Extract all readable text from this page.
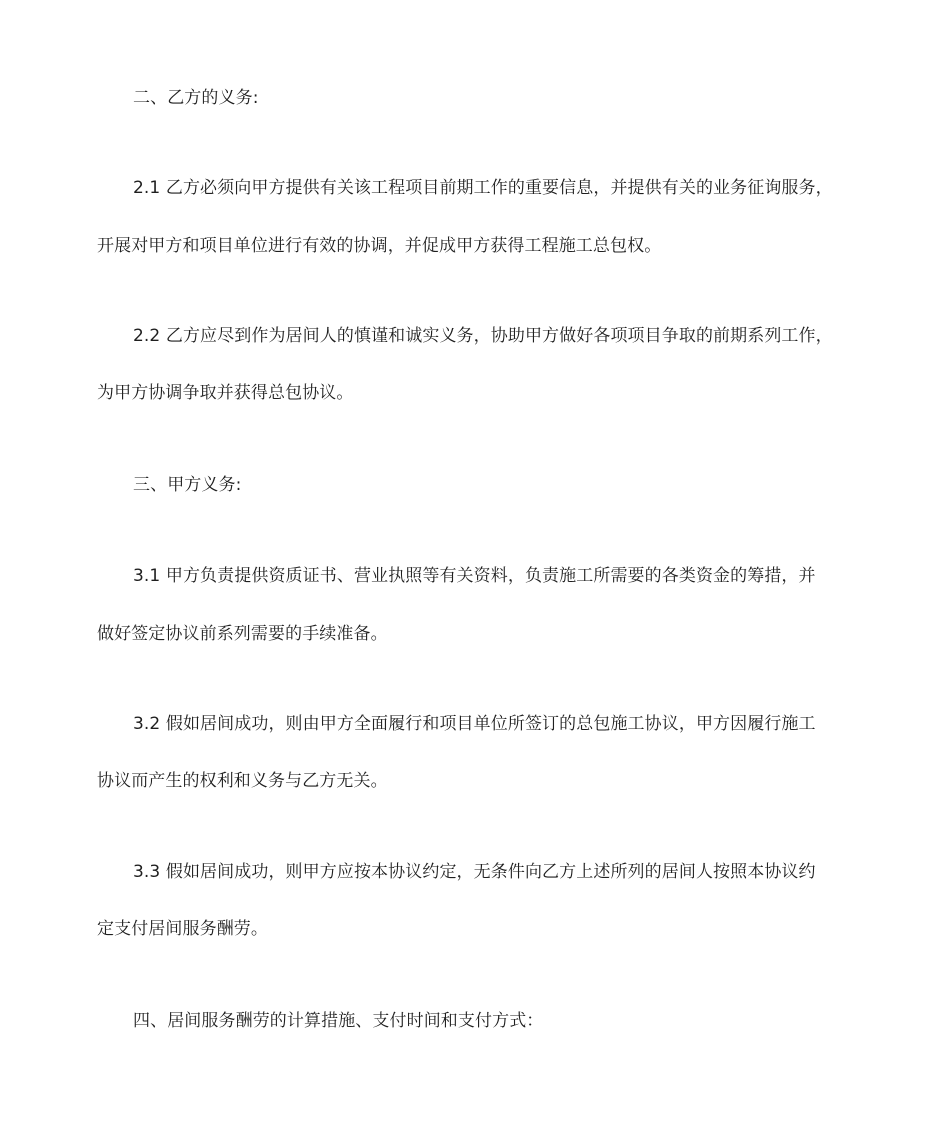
二、乙方的义务:
2.1 乙方必须向甲方提供有关该工程项目前期工作的重要信息，并提供有关的业务征询服务，
开展对甲方和项目单位进行有效的协调，并促成甲方获得工程施工总包权。
2.2 乙方应尽到作为居间人的慎谨和诚实义务，协助甲方做好各项项目争取的前期系列工作，
为甲方协调争取并获得总包协议。
三、甲方义务:
3.1 甲方负责提供资质证书、营业执照等有关资料，负责施工所需要的各类资金的筹措，并
做好签定协议前系列需要的手续准备。
3.2 假如居间成功，则由甲方全面履行和项目单位所签订的总包施工协议，甲方因履行施工
协议而产生的权利和义务与乙方无关。
3.3 假如居间成功，则甲方应按本协议约定，无条件向乙方上述所列的居间人按照本协议约
定支付居间服务酬劳。
四、居间服务酬劳的计算措施、支付时间和支付方式：
